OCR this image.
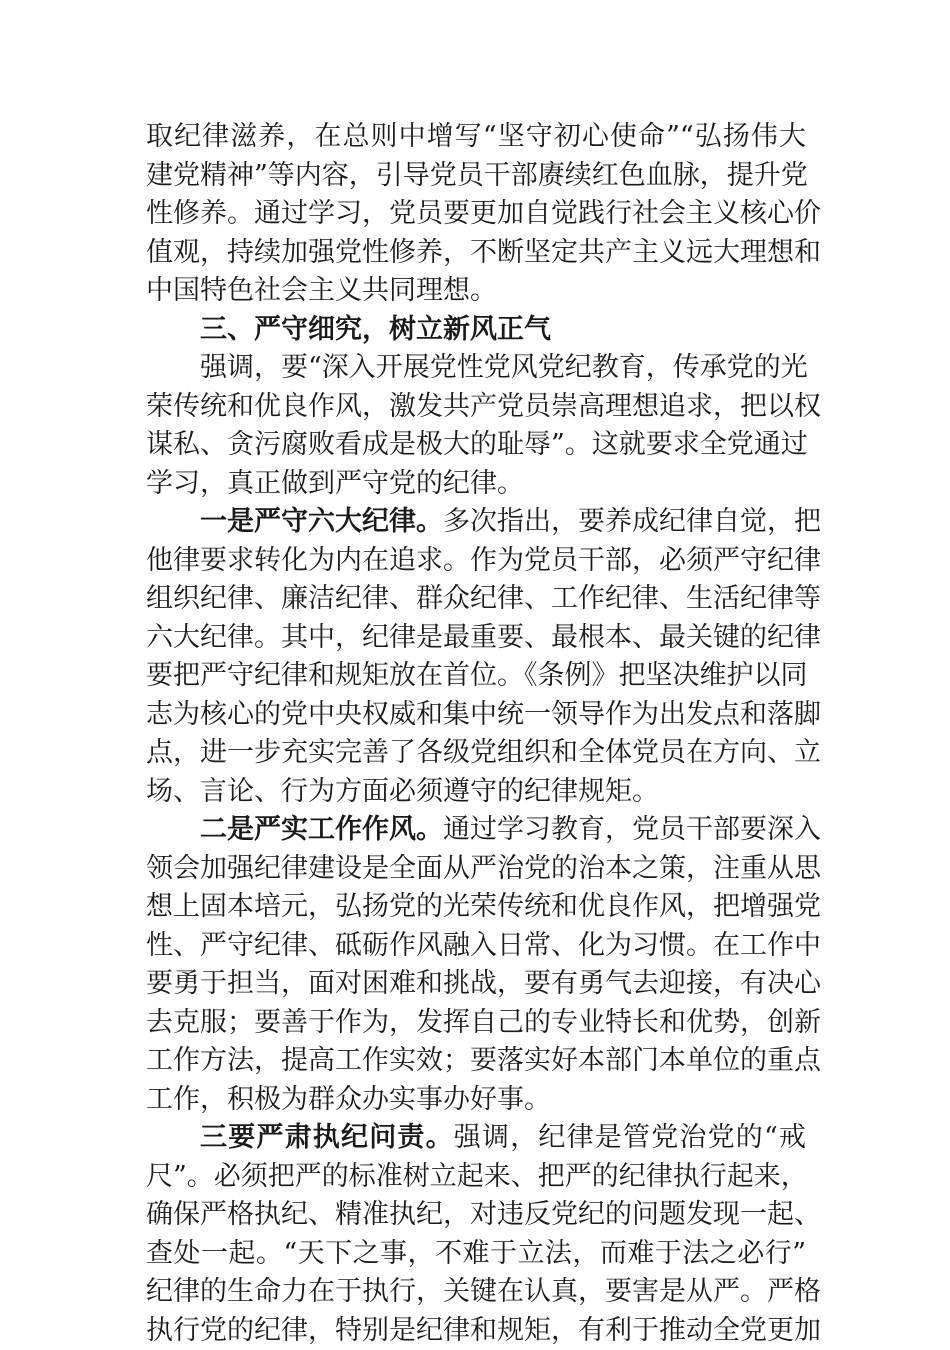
取纪律滋养，在总则中增写“坚守初心使命”“弘扬伟大
建党精神”等内容，引导党员干部赓续红色血脉，提升党
性修养。通过学习，党员要更加自觉践行社会主义核心价
值观，持续加强党性修养，不断坚定共产主义远大理想和
中国特色社会主义共同理想。
三、严守细究，树立新风正气
强调，要“深入开展党性党风党纪教育，传承党的光
荣传统和优良作风，激发共产党员崇高理想追求，把以权
谋私、贪污腐败看成是极大的耻辱”。这就要求全党通过
学习，真正做到严守党的纪律。
一是严守六大纪律。多次指出，要养成纪律自觉，把
他律要求转化为内在追求。作为党员干部，必须严守纪律
组织纪律、廉洁纪律、群众纪律、工作纪律、生活纪律等
六大纪律。其中，纪律是最重要、最根本、最关键的纪律
要把严守纪律和规矩放在首位。《条例》把坚决维护以同
志为核心的党中央权威和集中统一领导作为出发点和落脚
点，进一步充实完善了各级党组织和全体党员在方向、立
场、言论、行为方面必须遵守的纪律规矩。
二是严实工作作风。通过学习教育，党员干部要深入
领会加强纪律建设是全面从严治党的治本之策，注重从思
想上固本培元，弘扬党的光荣传统和优良作风，把增强党
性、严守纪律、砥砺作风融入日常、化为习惯。在工作中
要勇于担当，面对困难和挑战，要有勇气去迎接，有决心
去克服；要善于作为，发挥自己的专业特长和优势，创新
工作方法，提高工作实效；要落实好本部门本单位的重点
工作，积极为群众办实事办好事。
三要严肃执纪问责。强调，纪律是管党治党的“戒
尺”。必须把严的标准树立起来、把严的纪律执行起来，
确保严格执纪、精准执纪，对违反党纪的问题发现一起、
查处一起。“天下之事，不难于立法，而难于法之必行”
纪律的生命力在于执行，关键在认真，要害是从严。严格
执行党的纪律，特别是纪律和规矩，有利于推动全党更加
